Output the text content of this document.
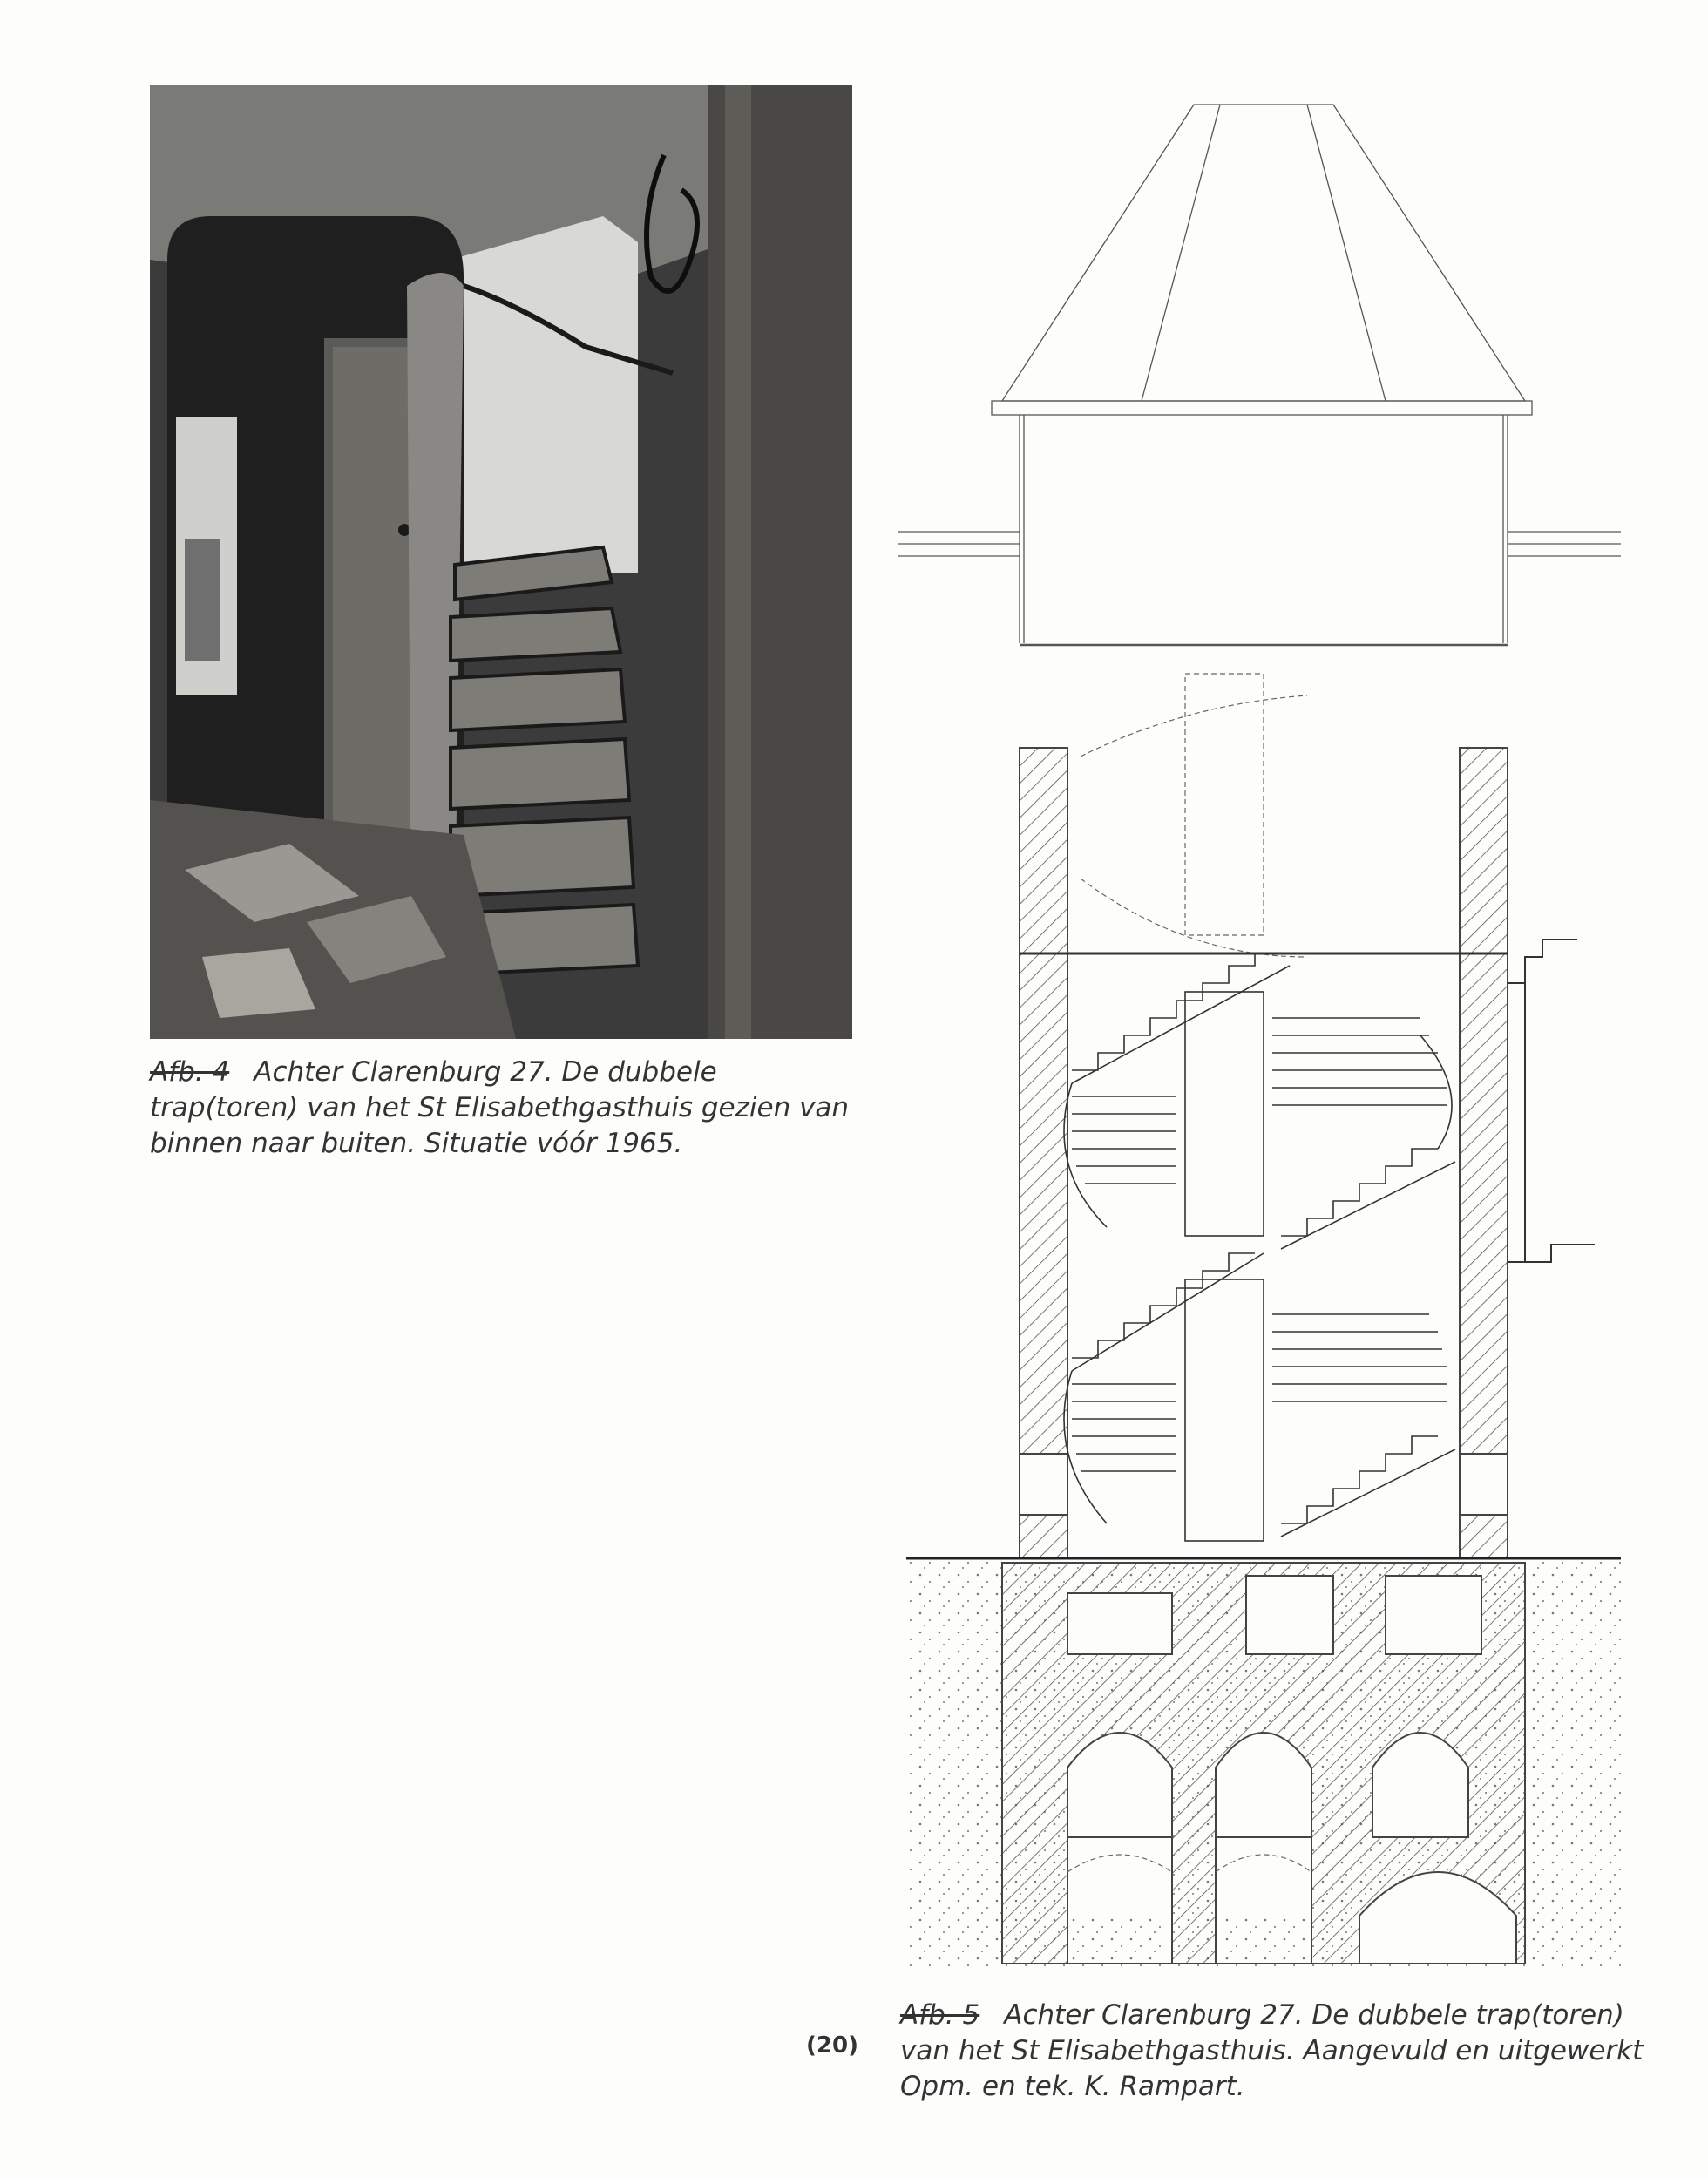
Afb. 4 Achter Clarenburg 27. De dubbele trap(toren) van het St Elisabethgasthuis gezien van binnen naar buiten. Situatie vóór 1965.
(20)
Afb. 5 Achter Clarenburg 27. De dubbele trap(toren) van het St Elisabethgasthuis. Aangevuld en uitgewerkt Opm. en tek. K. Rampart.
